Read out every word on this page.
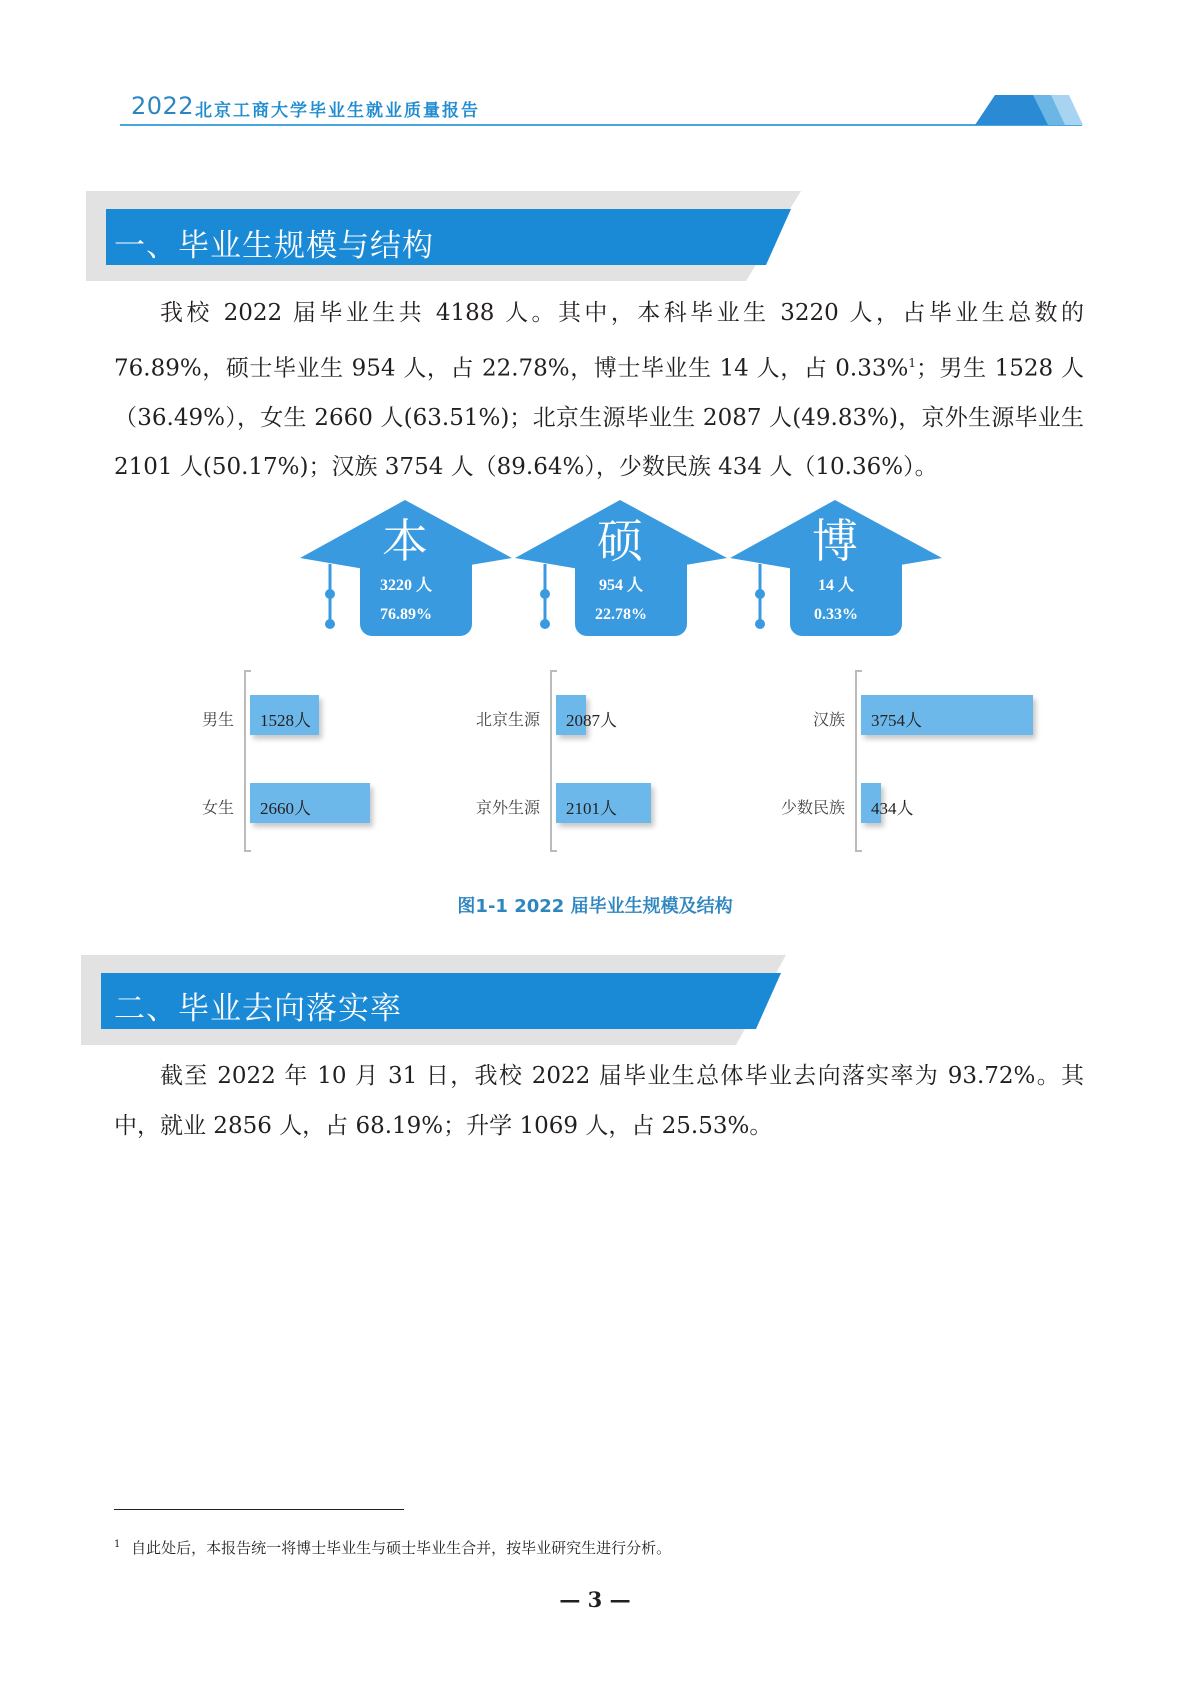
2022 北京工商大学毕业生就业质量报告
一、毕业生规模与结构

我校 2022 届毕业生共 4188 人。其中，本科毕业生 3220 人，占毕业生总数的 76.89%，硕士毕业生 954 人，占 22.78%，博士毕业生 14 人，占 0.33%$^1$；男生 1528 人（36.49%），女生 2660 人(63.51%)；北京生源毕业生 2087 人(49.83%)，京外生源毕业生 2101 人(50.17%)；汉族 3754 人（89.64%），少数民族 434 人（10.36%）。

本	硕	博
3220 人
76.89%
954 人
22.78%
14 人
0.33%
男生 1528人
女生 2660人
北京生源 2087人
京外生源 2101人
汉族 3754人
少数民族 434人
图1-1 2022 届毕业生规模及结构
二、毕业去向落实率

截至 2022 年 10 月 31 日，我校 2022 届毕业生总体毕业去向落实率为 93.72%。其中，就业 2856 人，占 68.19%；升学 1069 人，占 25.53%。

$^1$ 自此处后，本报告统一将博士毕业生与硕士毕业生合并，按毕业研究生进行分析。
— 3 —
